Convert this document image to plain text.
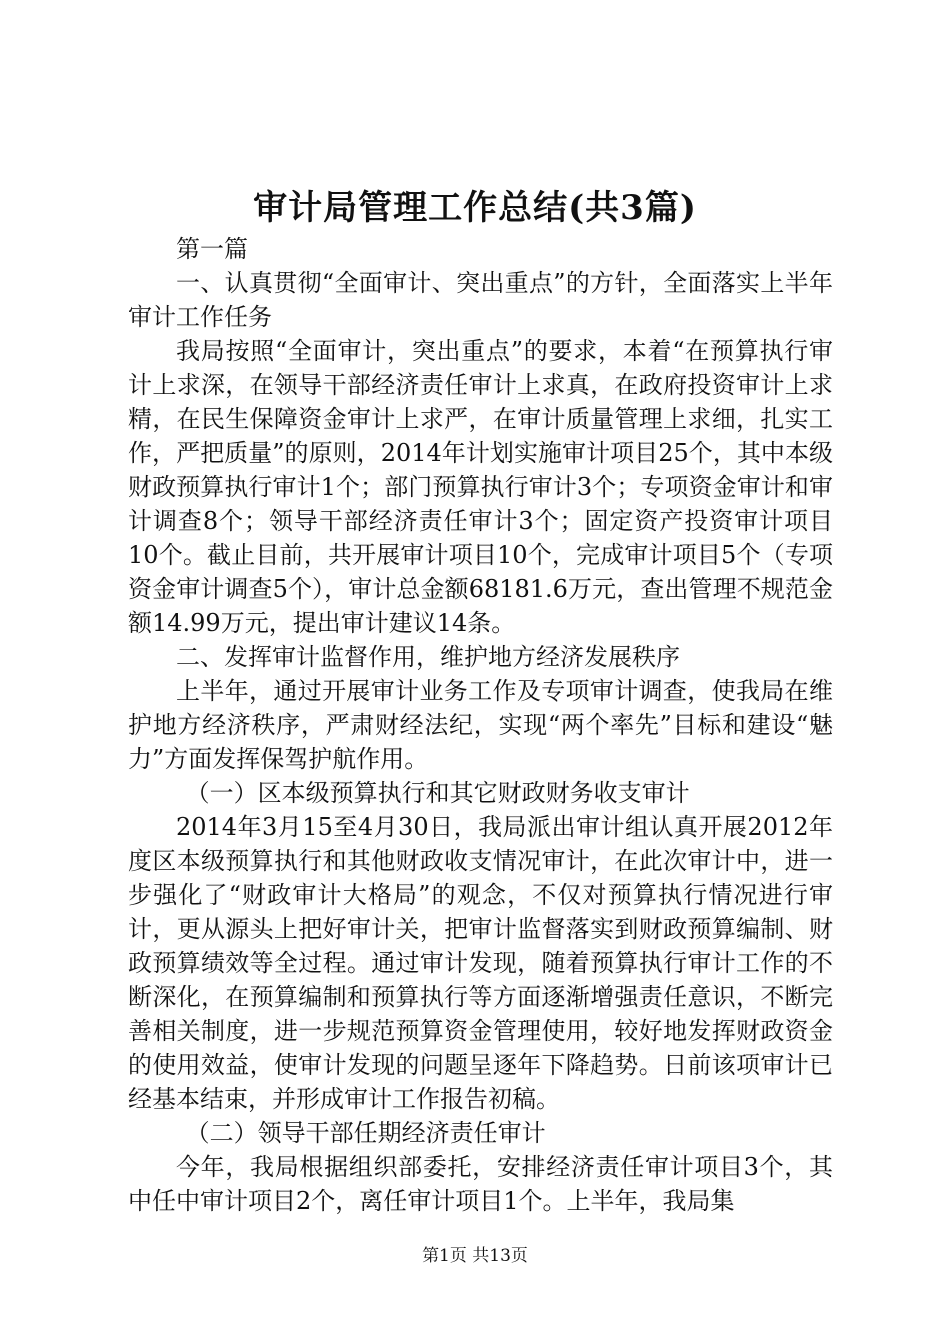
审计局管理工作总结(共3篇)

第一篇

一、认真贯彻“全面审计、突出重点”的方针，全面落实上半年审计工作任务

我局按照“全面审计，突出重点”的要求，本着“在预算执行审计上求深，在领导干部经济责任审计上求真，在政府投资审计上求精，在民生保障资金审计上求严，在审计质量管理上求细，扎实工作，严把质量”的原则，2014年计划实施审计项目25个，其中本级财政预算执行审计1个；部门预算执行审计3个；专项资金审计和审计调查8个；领导干部经济责任审计3个；固定资产投资审计项目10个。截止目前，共开展审计项目10个，完成审计项目5个（专项资金审计调查5个），审计总金额68181.6万元，查出管理不规范金额14.99万元，提出审计建议14条。

二、发挥审计监督作用，维护地方经济发展秩序

上半年，通过开展审计业务工作及专项审计调查，使我局在维护地方经济秩序，严肃财经法纪，实现“两个率先”目标和建设“魅力”方面发挥保驾护航作用。

（一）区本级预算执行和其它财政财务收支审计

2014年3月15至4月30日，我局派出审计组认真开展2012年度区本级预算执行和其他财政收支情况审计，在此次审计中，进一步强化了“财政审计大格局”的观念，不仅对预算执行情况进行审计，更从源头上把好审计关，把审计监督落实到财政预算编制、财政预算绩效等全过程。通过审计发现，随着预算执行审计工作的不断深化，在预算编制和预算执行等方面逐渐增强责任意识，不断完善相关制度，进一步规范预算资金管理使用，较好地发挥财政资金的使用效益，使审计发现的问题呈逐年下降趋势。日前该项审计已经基本结束，并形成审计工作报告初稿。

（二）领导干部任期经济责任审计

今年，我局根据组织部委托，安排经济责任审计项目3个，其中任中审计项目2个，离任审计项目1个。上半年，我局集

第1页 共13页
